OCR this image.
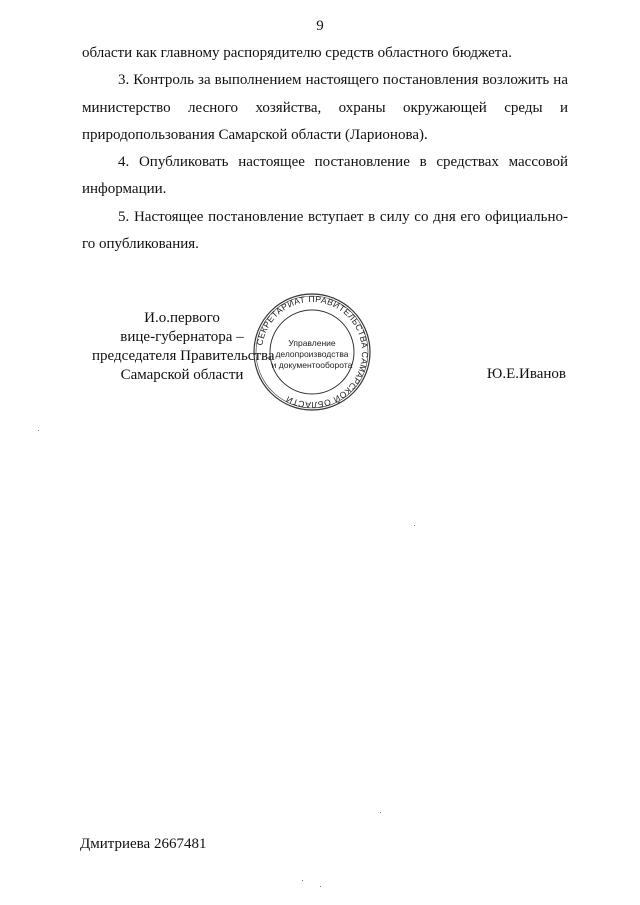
9

области как главному распорядителю средств областного бюджета.

3. Контроль за выполнением настоящего постановления возложить на министерство лесного хозяйства, охраны окружающей среды и природопользования Самарской области (Ларионова).

4. Опубликовать настоящее постановление в средствах массовой информации.

5. Настоящее постановление вступает в силу со дня его официально-го опубликования.

И.о.первого
вице-губернатора –
председателя Правительства
Самарской области
СЕКРЕТАРИАТ ПРАВИТЕЛЬСТВА САМАРСКОЙ ОБЛАСТИ
Управление
делопроизводства
и документооборота
Ю.Е.Иванов
Дмитриева 2667481
